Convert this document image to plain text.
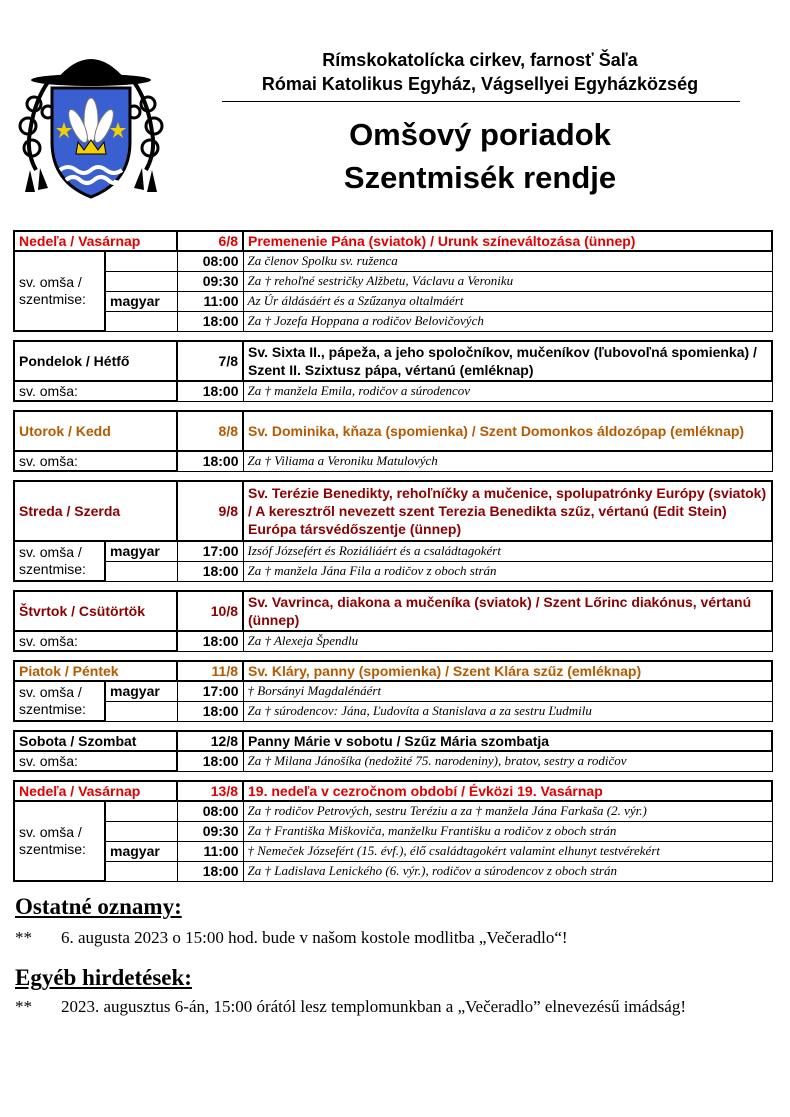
Rímskokatolícka cirkev, farnosť Šaľa
Római Katolikus Egyház, Vágsellyei Egyházközség
Omšový poriadok
Szentmisék rendje
Nedeľa / Vasárnap		6/8	Premenenie Pána (sviatok) / Urunk színeváltozása (ünnep)
sv. omša / szentmise:		08:00	Za členov Spolku sv. ruženca
		09:30	Za † rehoľné sestričky Alžbetu, Václavu a Veroniku
	magyar	11:00	Az Úr áldásáért és a Szűzanya oltalmáért
		18:00	Za † Jozefa Hoppana a rodičov Belovičových
Pondelok / Hétfő	7/8	Sv. Sixta II., pápeža, a jeho spoločníkov, mučeníkov (ľubovoľná spomienka) / Szent II. Szixtusz pápa, vértanú (emléknap)
sv. omša:	18:00	Za † manžela Emila, rodičov a súrodencov
Utorok / Kedd	8/8	Sv. Dominika, kňaza (spomienka) / Szent Domonkos áldozópap (emléknap)
sv. omša:	18:00	Za † Viliama a Veroniku Matulových
Streda / Szerda		9/8	Sv. Terézie Benedikty, rehoľníčky a mučenice, spolupatrónky Európy (sviatok) / A keresztről nevezett szent Terezia Benedikta szűz, vértanú (Edit Stein) Európa társvédőszentje (ünnep)
sv. omša / szentmise:	magyar	17:00	Izsóf Józsefért és Roziáliáért és a családtagokért
		18:00	Za † manžela Jána Fila a rodičov z oboch strán
Štvrtok / Csütörtök	10/8	Sv. Vavrinca, diakona a mučeníka (sviatok) / Szent Lőrinc diakónus, vértanú (ünnep)
sv. omša:	18:00	Za † Alexeja Špendlu
Piatok / Péntek		11/8	Sv. Kláry, panny (spomienka) / Szent Klára szűz (emléknap)
sv. omša / szentmise:	magyar	17:00	† Borsányi Magdalénáért
		18:00	Za † súrodencov: Jána, Ľudovíta a Stanislava a za sestru Ľudmilu
Sobota / Szombat	12/8	Panny Márie v sobotu / Szűz Mária szombatja
sv. omša:	18:00	Za † Milana Jánošíka (nedožité 75. narodeniny), bratov, sestry a rodičov
Nedeľa / Vasárnap		13/8	19. nedeľa v cezročnom období / Évközi 19. Vasárnap
sv. omša / szentmise:		08:00	Za † rodičov Petrových, sestru Teréziu a za † manžela Jána Farkaša (2. výr.)
		09:30	Za † Františka Miškoviča, manželku Františku a rodičov z oboch strán
	magyar	11:00	† Nemeček Józsefért (15. évf.), élő családtagokért valamint elhunyt testvérekért
		18:00	Za † Ladislava Lenického (6. výr.), rodičov a súrodencov z oboch strán
Ostatné oznamy:
** 6. augusta 2023 o 15:00 hod. bude v našom kostole modlitba „Večeradlo“!
Egyéb hirdetések:
** 2023. augusztus 6-án, 15:00 órától lesz templomunkban a „Večeradlo” elnevezésű imádság!
